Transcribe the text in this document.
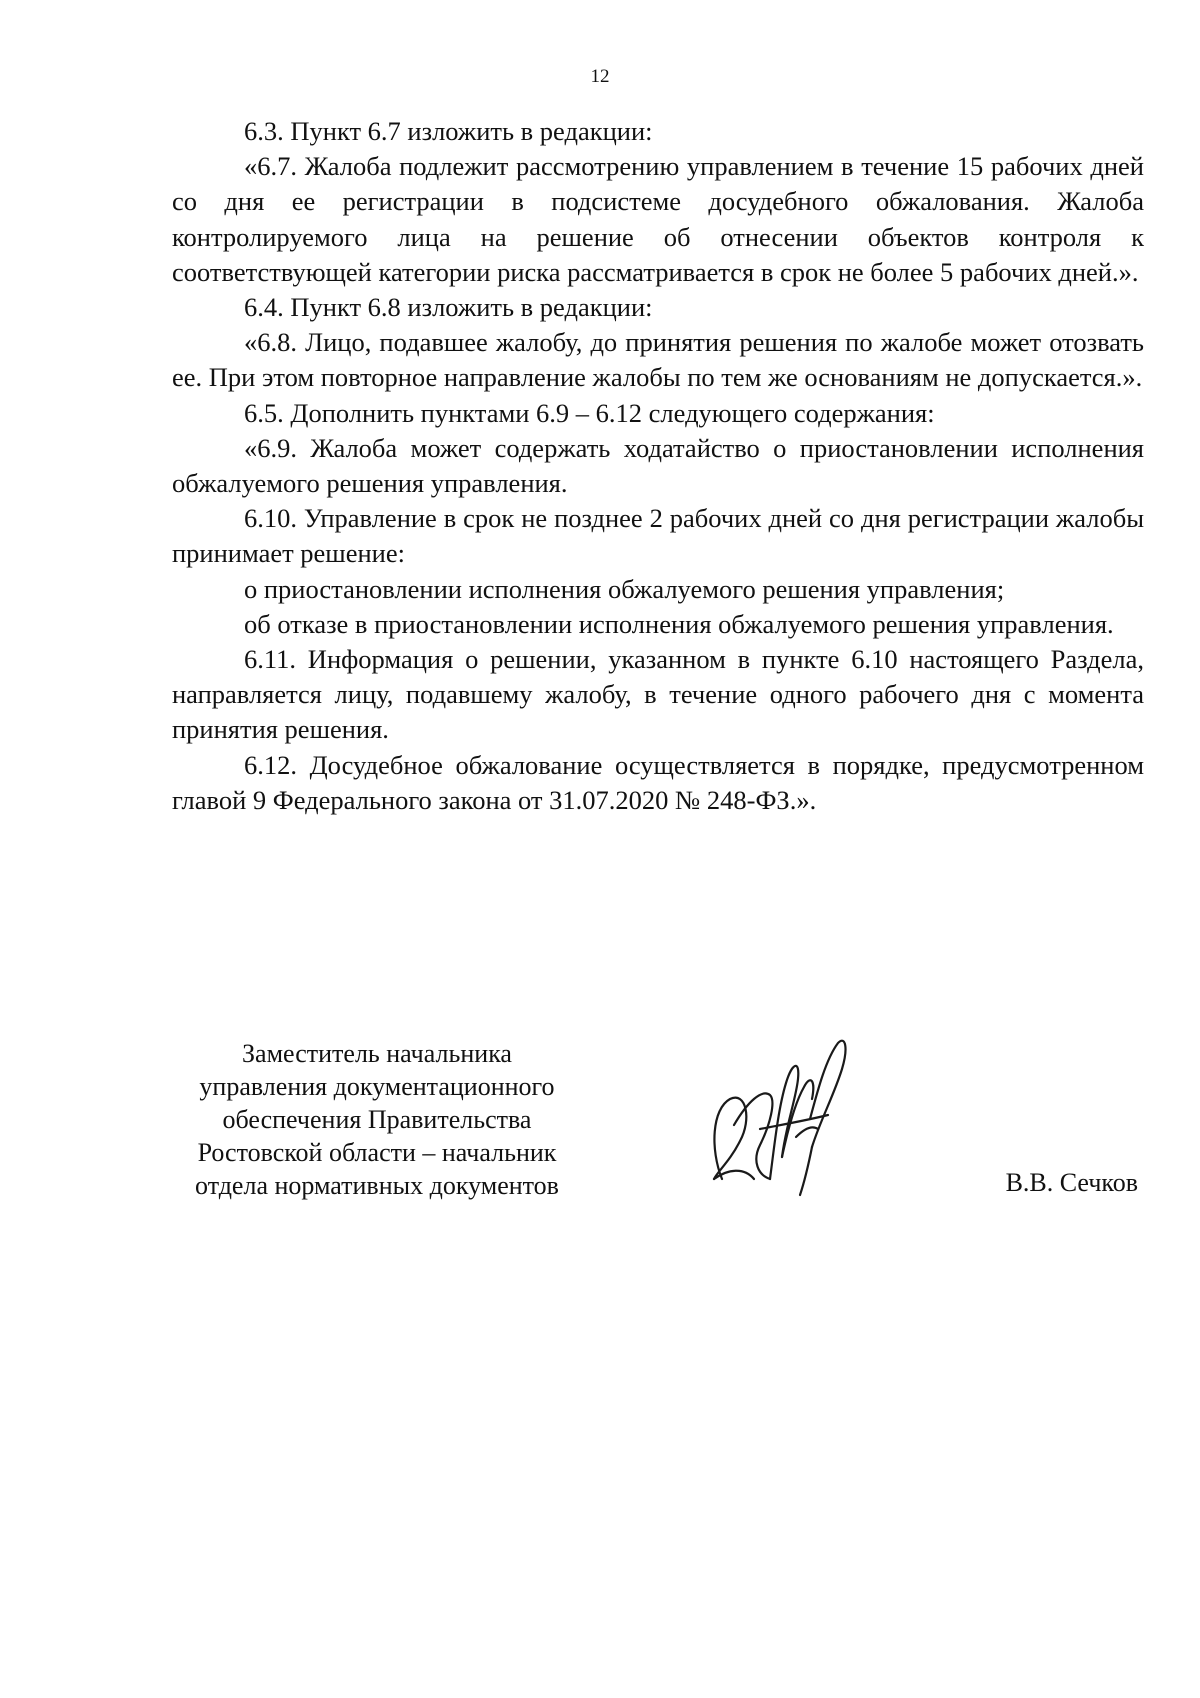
12

6.3. Пункт 6.7 изложить в редакции:

«6.7. Жалоба подлежит рассмотрению управлением в течение 15 рабочих дней со дня ее регистрации в подсистеме досудебного обжалования. Жалоба контролируемого лица на решение об отнесении объектов контроля к соответствующей категории риска рассматривается в срок не более 5 рабочих дней.».

6.4. Пункт 6.8 изложить в редакции:

«6.8. Лицо, подавшее жалобу, до принятия решения по жалобе может отозвать ее. При этом повторное направление жалобы по тем же основаниям не допускается.».

6.5. Дополнить пунктами 6.9 – 6.12 следующего содержания:

«6.9. Жалоба может содержать ходатайство о приостановлении исполнения обжалуемого решения управления.

6.10. Управление в срок не позднее 2 рабочих дней со дня регистрации жалобы принимает решение:

о приостановлении исполнения обжалуемого решения управления;

об отказе в приостановлении исполнения обжалуемого решения управления.

6.11. Информация о решении, указанном в пункте 6.10 настоящего Раздела, направляется лицу, подавшему жалобу, в течение одного рабочего дня с момента принятия решения.

6.12. Досудебное обжалование осуществляется в порядке, предусмотренном главой 9 Федерального закона от 31.07.2020 № 248-ФЗ.».

Заместитель начальника
управления документационного
обеспечения Правительства
Ростовской области – начальник
отдела нормативных документов	В.В. Сечков
